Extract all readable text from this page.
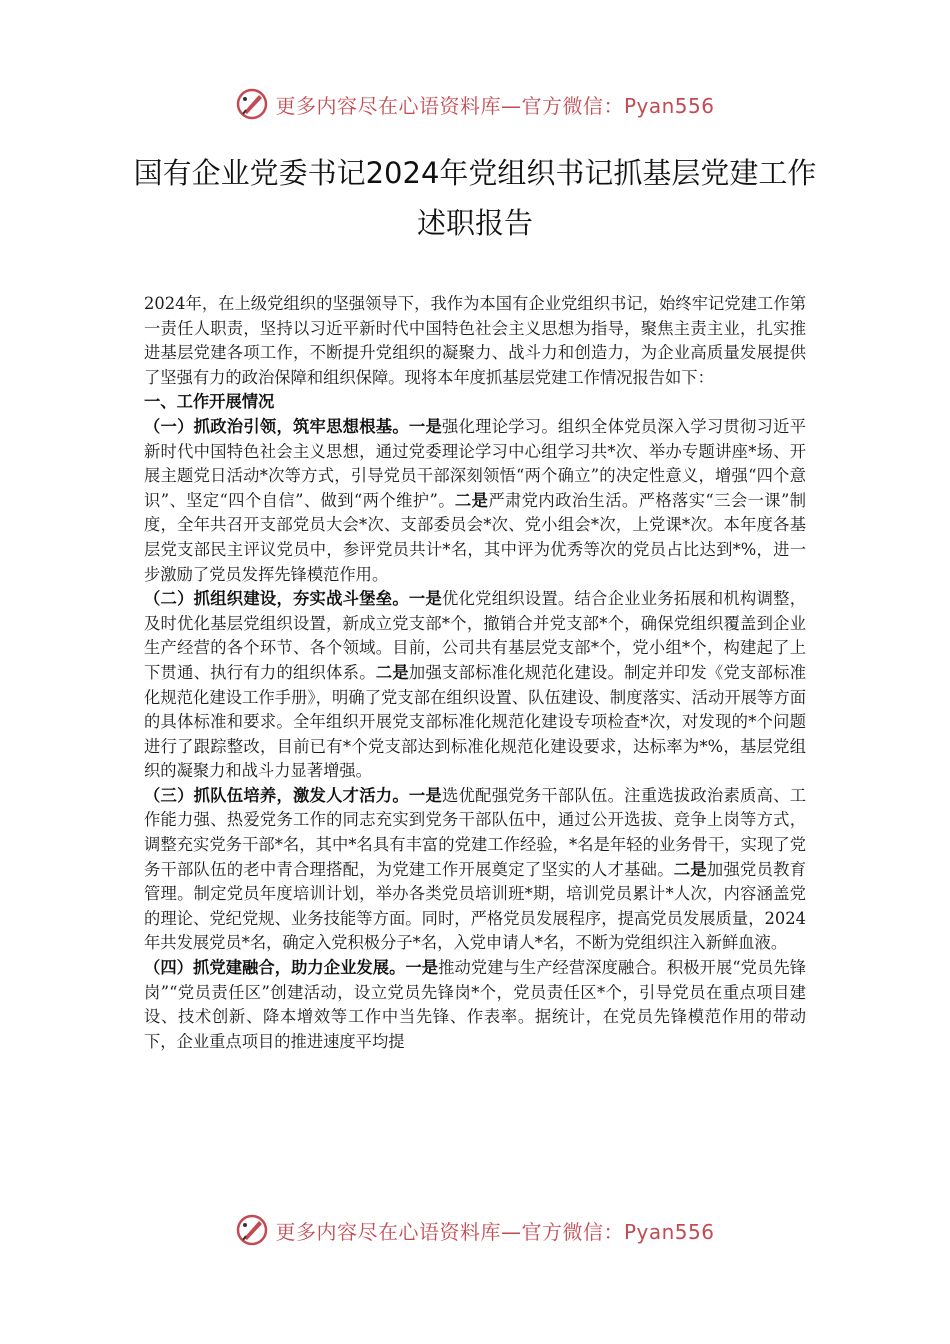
更多内容尽在心语资料库—官方微信：Pyan556
国有企业党委书记2024年党组织书记抓基层党建工作述职报告

2024年，在上级党组织的坚强领导下，我作为本国有企业党组织书记，始终牢记党建工作第一责任人职责，坚持以习近平新时代中国特色社会主义思想为指导，聚焦主责主业，扎实推进基层党建各项工作，不断提升党组织的凝聚力、战斗力和创造力，为企业高质量发展提供了坚强有力的政治保障和组织保障。现将本年度抓基层党建工作情况报告如下：

一、工作开展情况

（一）抓政治引领，筑牢思想根基。一是强化理论学习。组织全体党员深入学习贯彻习近平新时代中国特色社会主义思想，通过党委理论学习中心组学习共*次、举办专题讲座*场、开展主题党日活动*次等方式，引导党员干部深刻领悟“两个确立”的决定性意义，增强“四个意识”、坚定“四个自信”、做到“两个维护”。二是严肃党内政治生活。严格落实“三会一课”制度，全年共召开支部党员大会*次、支部委员会*次、党小组会*次，上党课*次。本年度各基层党支部民主评议党员中，参评党员共计*名，其中评为优秀等次的党员占比达到*%，进一步激励了党员发挥先锋模范作用。

（二）抓组织建设，夯实战斗堡垒。一是优化党组织设置。结合企业业务拓展和机构调整，及时优化基层党组织设置，新成立党支部*个，撤销合并党支部*个，确保党组织覆盖到企业生产经营的各个环节、各个领域。目前，公司共有基层党支部*个，党小组*个，构建起了上下贯通、执行有力的组织体系。二是加强支部标准化规范化建设。制定并印发《党支部标准化规范化建设工作手册》，明确了党支部在组织设置、队伍建设、制度落实、活动开展等方面的具体标准和要求。全年组织开展党支部标准化规范化建设专项检查*次，对发现的*个问题进行了跟踪整改，目前已有*个党支部达到标准化规范化建设要求，达标率为*%，基层党组织的凝聚力和战斗力显著增强。

（三）抓队伍培养，激发人才活力。一是选优配强党务干部队伍。注重选拔政治素质高、工作能力强、热爱党务工作的同志充实到党务干部队伍中，通过公开选拔、竞争上岗等方式，调整充实党务干部*名，其中*名具有丰富的党建工作经验，*名是年轻的业务骨干，实现了党务干部队伍的老中青合理搭配，为党建工作开展奠定了坚实的人才基础。二是加强党员教育管理。制定党员年度培训计划，举办各类党员培训班*期，培训党员累计*人次，内容涵盖党的理论、党纪党规、业务技能等方面。同时，严格党员发展程序，提高党员发展质量，2024年共发展党员*名，确定入党积极分子*名，入党申请人*名，不断为党组织注入新鲜血液。

（四）抓党建融合，助力企业发展。一是推动党建与生产经营深度融合。积极开展“党员先锋岗”“党员责任区”创建活动，设立党员先锋岗*个，党员责任区*个，引导党员在重点项目建设、技术创新、降本增效等工作中当先锋、作表率。据统计，在党员先锋模范作用的带动下，企业重点项目的推进速度平均提

更多内容尽在心语资料库—官方微信：Pyan556
